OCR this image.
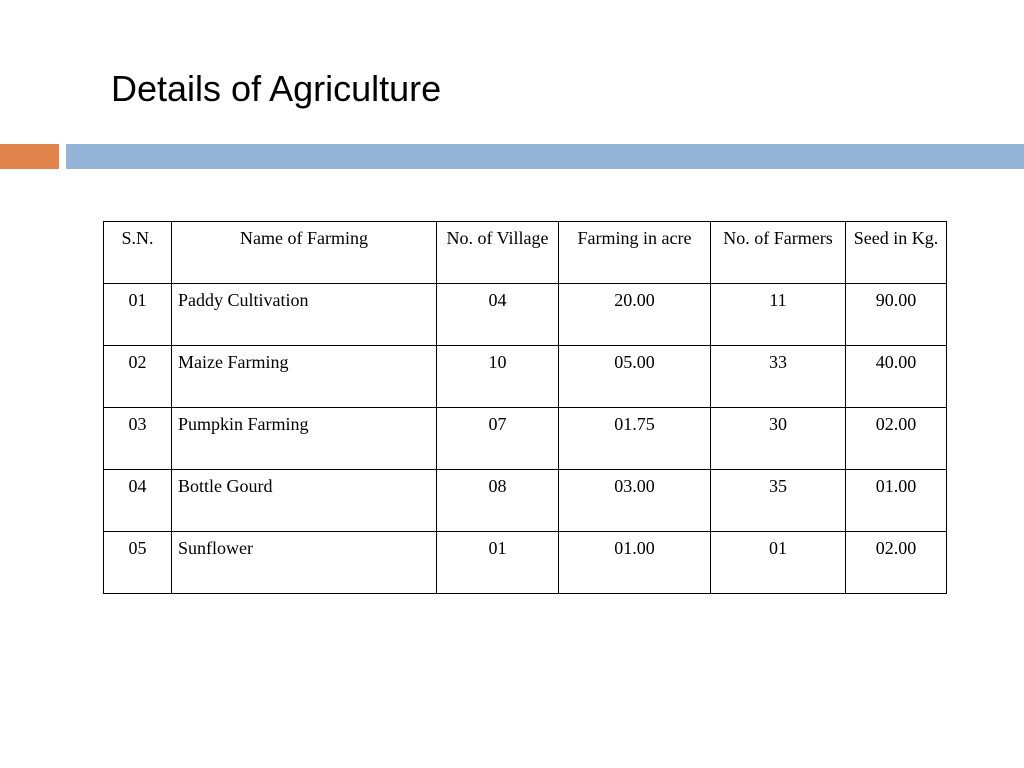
Details of Agriculture
S.N.	Name of Farming	No. of Village	Farming in acre	No. of Farmers	Seed in Kg.
01	Paddy Cultivation	04	20.00	11	90.00
02	Maize Farming	10	05.00	33	40.00
03	Pumpkin Farming	07	01.75	30	02.00
04	Bottle Gourd	08	03.00	35	01.00
05	Sunflower	01	01.00	01	02.00
